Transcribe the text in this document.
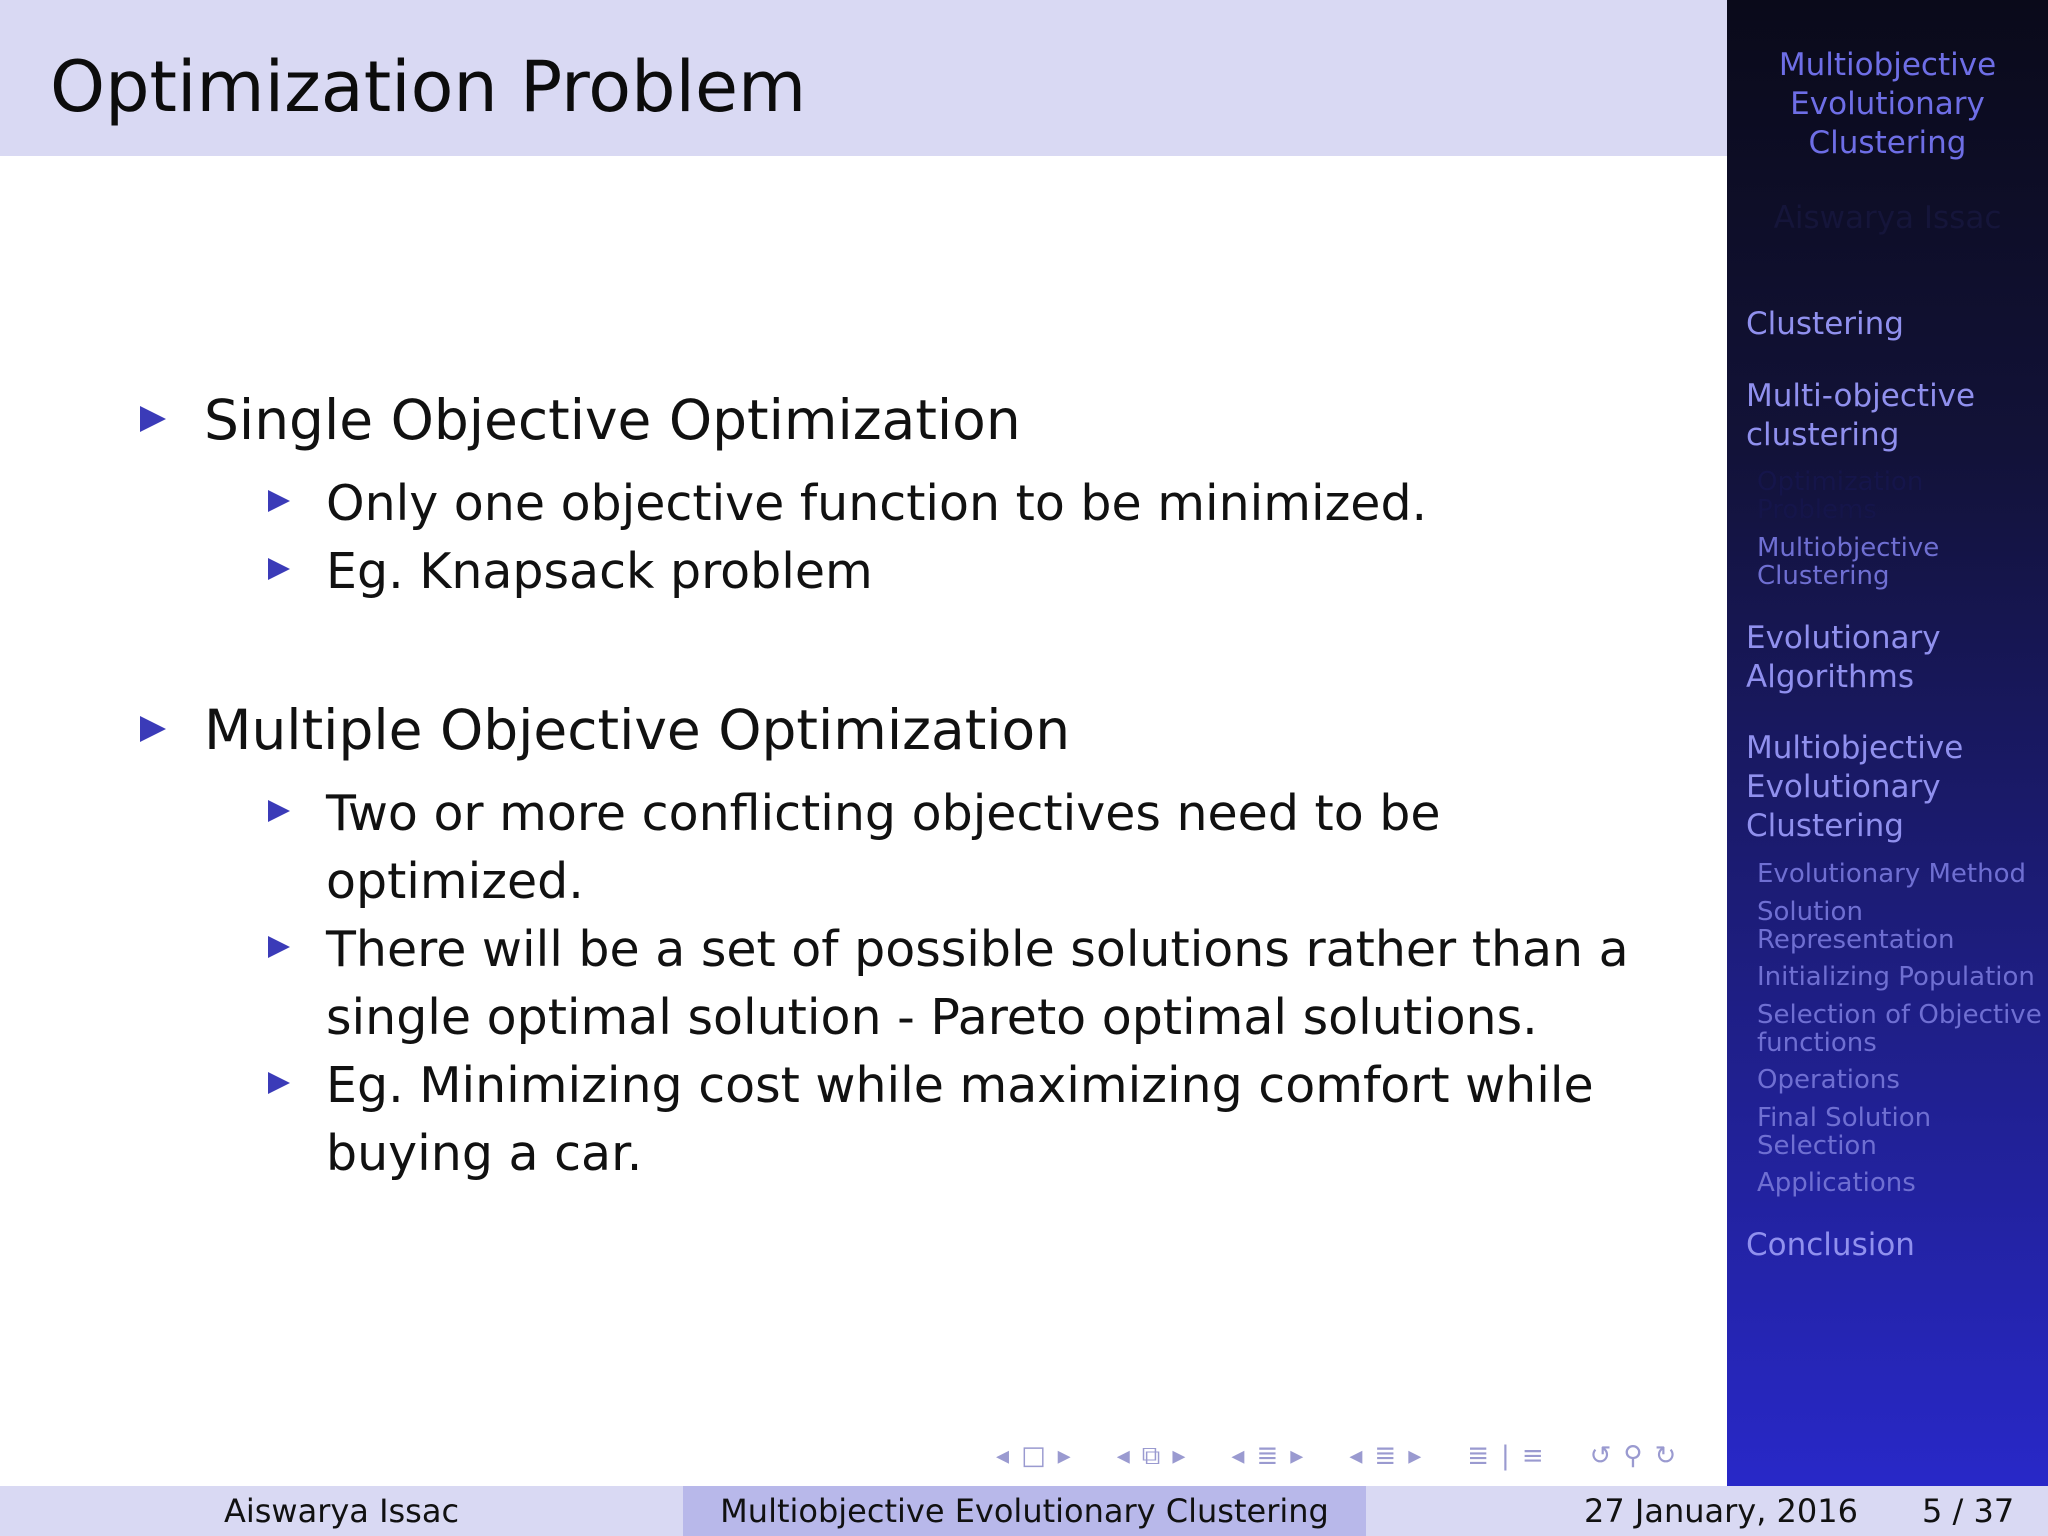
Optimization Problem
Single Objective Optimization
Only one objective function to be minimized.
Eg. Knapsack problem
Multiple Objective Optimization
Two or more conflicting objectives need to be
optimized.
There will be a set of possible solutions rather than a
single optimal solution - Pareto optimal solutions.
Eg. Minimizing cost while maximizing comfort while
buying a car.
◂ □ ▸ ◂ ⧉ ▸ ◂ ≣ ▸ ◂ ≣ ▸ ≣ | ≡ ↺ ⚲ ↻
Multiobjective
Evolutionary
Clustering
Aiswarya Issac
Clustering
Multi-objective
clustering
Optimization
Problems
Multiobjective
Clustering
Evolutionary
Algorithms
Multiobjective
Evolutionary
Clustering
Evolutionary Method
Solution
Representation
Initializing Population
Selection of Objective
functions
Operations
Final Solution
Selection
Applications
Conclusion
Aiswarya Issac	Multiobjective Evolutionary Clustering	27 January, 2016 5 / 37
